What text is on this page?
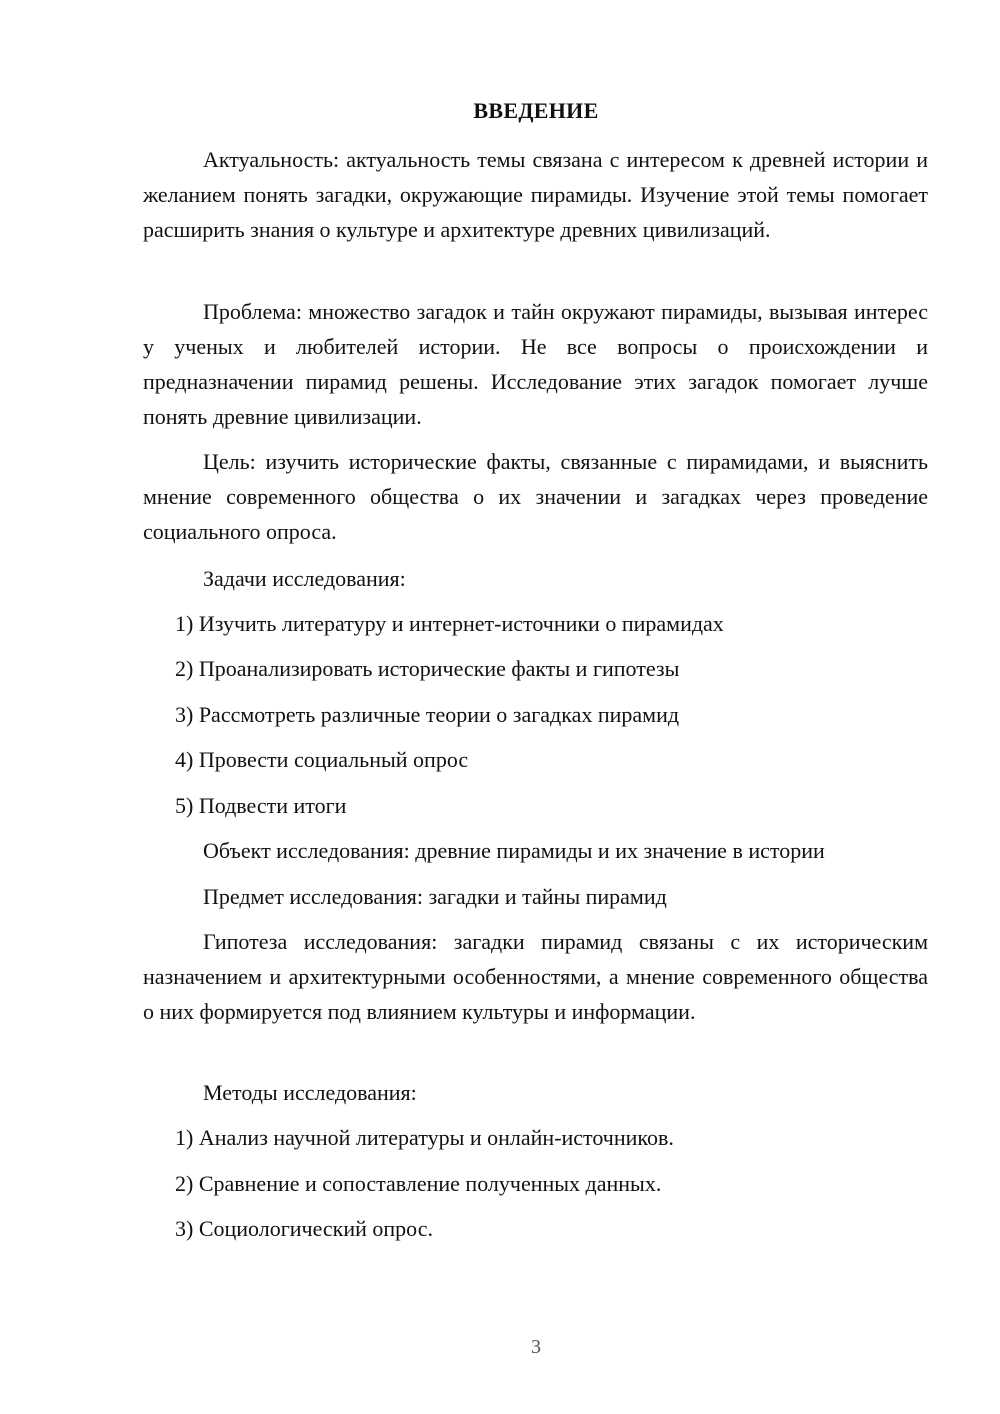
ВВЕДЕНИЕ

Актуальность: актуальность темы связана с интересом к древней истории и желанием понять загадки, окружающие пирамиды. Изучение этой темы помогает расширить знания о культуре и архитектуре древних цивилизаций.

Проблема: множество загадок и тайн окружают пирамиды, вызывая интерес у ученых и любителей истории. Не все вопросы о происхождении и предназначении пирамид решены. Исследование этих загадок помогает лучше понять древние цивилизации.

Цель: изучить исторические факты, связанные с пирамидами, и выяснить мнение современного общества о их значении и загадках через проведение социального опроса.

Задачи исследования:
1) Изучить литературу и интернет-источники о пирамидах
2) Проанализировать исторические факты и гипотезы
3) Рассмотреть различные теории о загадках пирамид
4) Провести социальный опрос
5) Подвести итоги
Объект исследования: древние пирамиды и их значение в истории
Предмет исследования: загадки и тайны пирамид

Гипотеза исследования: загадки пирамид связаны с их историческим назначением и архитектурными особенностями, а мнение современного общества о них формируется под влиянием культуры и информации.

Методы исследования:
1) Анализ научной литературы и онлайн-источников.
2) Сравнение и сопоставление полученных данных.
3) Социологический опрос.
3
